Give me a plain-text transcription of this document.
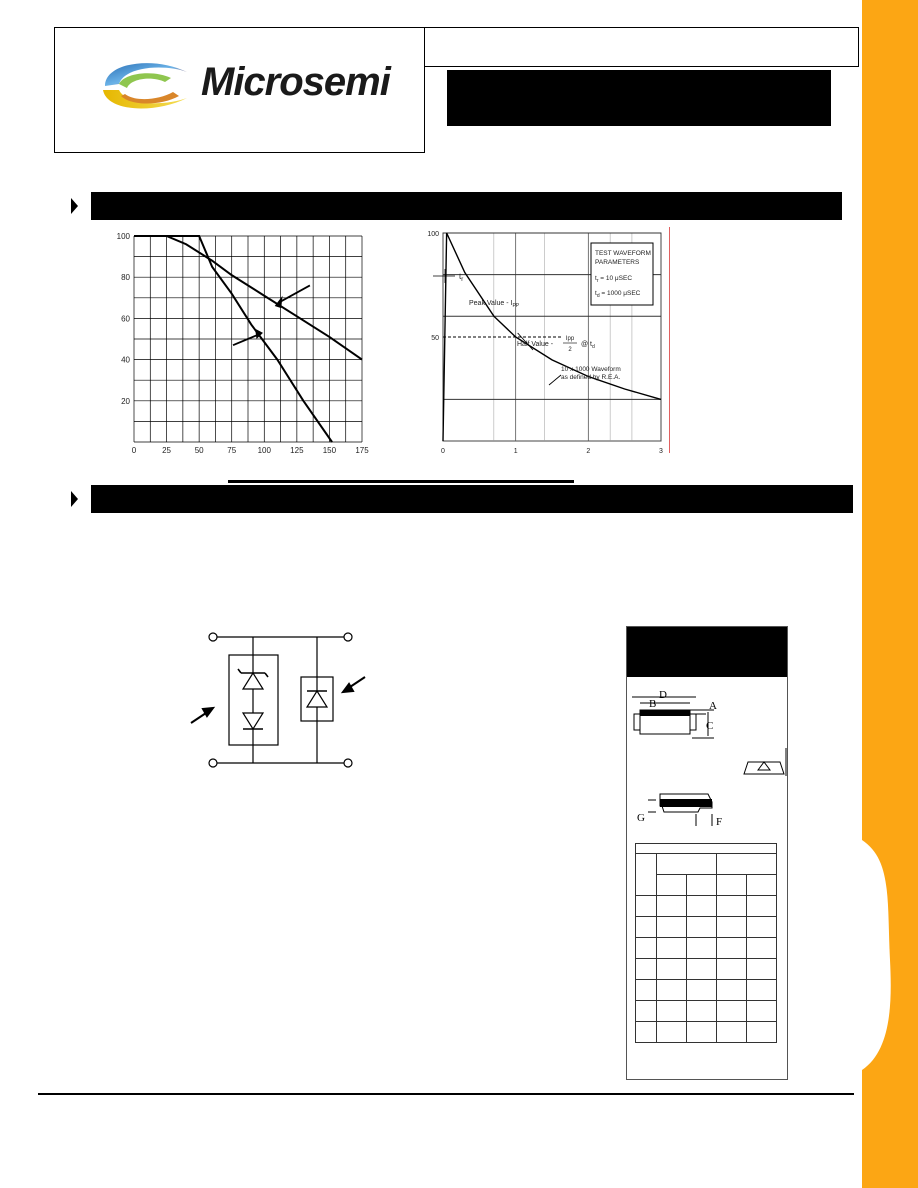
Microsemi
0	25	50	75	100 125 150 175
100
80
60
40
20
0	1	2	3
100
50
$t_r$
Peak Value - $I_{PP}$
Half Value -
Ipp
2
@ $t_d$
10 x 1000 Waveform
as defined by R.E.A.
TEST WAVEFORM
PARAMETERS
$t_r = 10$ μSEC
$t_d = 1000$ μSEC
D
B	A
C
G	F
